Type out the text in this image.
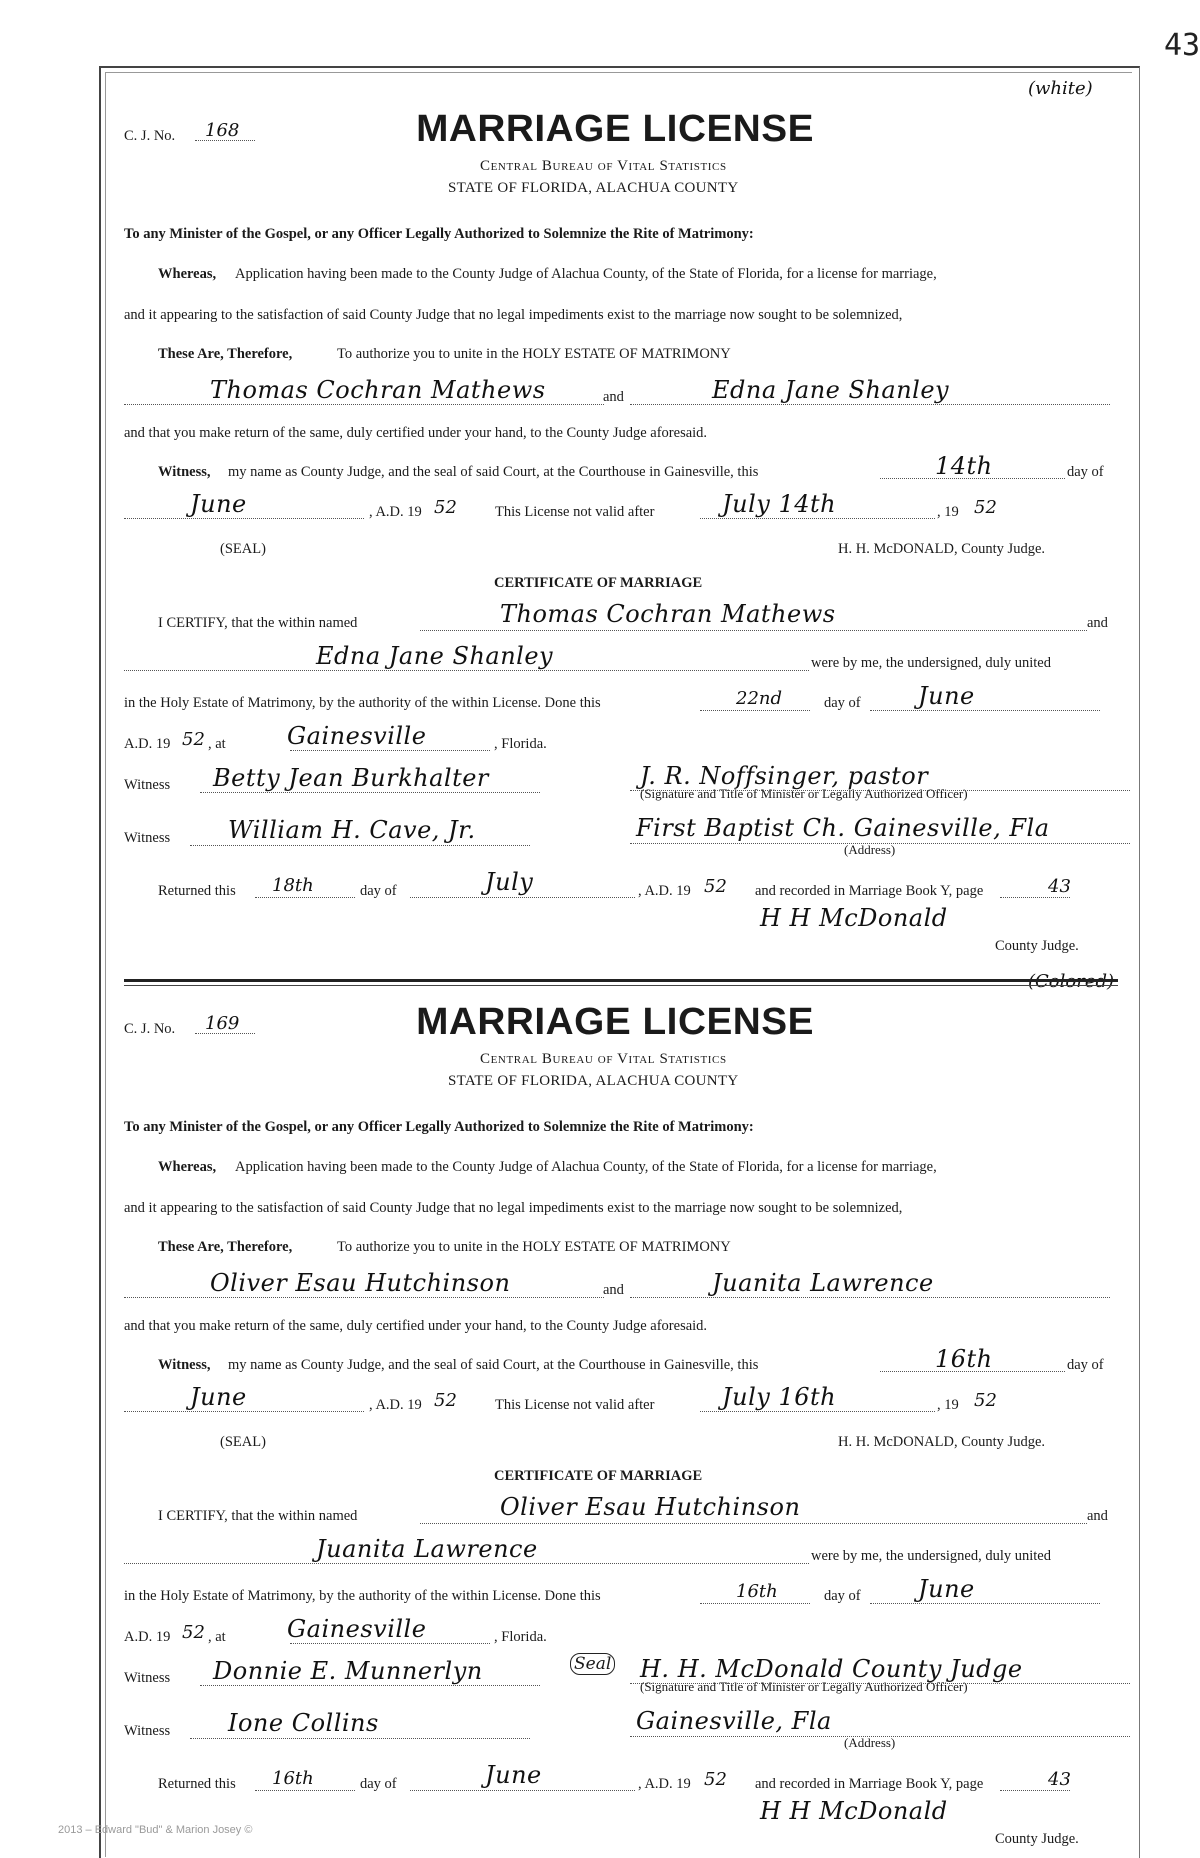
43
(white)
C. J. No. 168	MARRIAGE LICENSE
Central Bureau of Vital Statistics
STATE OF FLORIDA, ALACHUA COUNTY
To any Minister of the Gospel, or any Officer Legally Authorized to Solemnize the Rite of Matrimony:
Whereas, Application having been made to the County Judge of Alachua County, of the State of Florida, for a license for marriage,
and it appearing to the satisfaction of said County Judge that no legal impediments exist to the marriage now sought to be solemnized,
These Are, Therefore,	To authorize you to unite in the HOLY ESTATE OF MATRIMONY
Thomas Cochran Mathews	and	Edna Jane Shanley
and that you make return of the same, duly certified under your hand, to the County Judge aforesaid.
Witness, my name as County Judge, and the seal of said Court, at the Courthouse in Gainesville, this	14th	day of
June	, A.D. 19 52	This License not valid after	July 14th	, 19 52
(SEAL)	H. H. McDONALD, County Judge.
CERTIFICATE OF MARRIAGE
I CERTIFY, that the within named	Thomas Cochran Mathews	and
Edna Jane Shanley	were by me, the undersigned, duly united
in the Holy Estate of Matrimony, by the authority of the within License. Done this	22nd	day of June
A.D. 19 52 , at	Gainesville	, Florida.
Witness Betty Jean Burkhalter	J. R. Noffsinger, pastor
(Signature and Title of Minister or Legally Authorized Officer)
Witness William H. Cave, Jr.	First Baptist Ch. Gainesville, Fla
(Address)
Returned this 18th	day of	July	, A.D. 19 52 and recorded in Marriage Book Y, page	43
H H McDonald
County Judge.
(Colored)
C. J. No. 169	MARRIAGE LICENSE
Central Bureau of Vital Statistics
STATE OF FLORIDA, ALACHUA COUNTY
To any Minister of the Gospel, or any Officer Legally Authorized to Solemnize the Rite of Matrimony:
Whereas, Application having been made to the County Judge of Alachua County, of the State of Florida, for a license for marriage,
and it appearing to the satisfaction of said County Judge that no legal impediments exist to the marriage now sought to be solemnized,
These Are, Therefore,	To authorize you to unite in the HOLY ESTATE OF MATRIMONY
Oliver Esau Hutchinson	and	Juanita Lawrence
and that you make return of the same, duly certified under your hand, to the County Judge aforesaid.
Witness, my name as County Judge, and the seal of said Court, at the Courthouse in Gainesville, this	16th	day of
June	, A.D. 19 52	This License not valid after	July 16th	, 19 52
(SEAL)	H. H. McDONALD, County Judge.
CERTIFICATE OF MARRIAGE
I CERTIFY, that the within named	Oliver Esau Hutchinson	and
Juanita Lawrence	were by me, the undersigned, duly united
in the Holy Estate of Matrimony, by the authority of the within License. Done this	16th	day of June
A.D. 19 52 , at	Gainesville	, Florida.
Witness Donnie E. Munnerlyn	H. H. McDonald County Judge
(Signature and Title of Minister or Legally Authorized Officer)
Witness Ione Collins	Gainesville, Fla
(Address)
Returned this 16th	day of	June	, A.D. 19 52 and recorded in Marriage Book Y, page	43
H H McDonald
County Judge.
Seal
2013 – Edward "Bud" & Marion Josey ©
